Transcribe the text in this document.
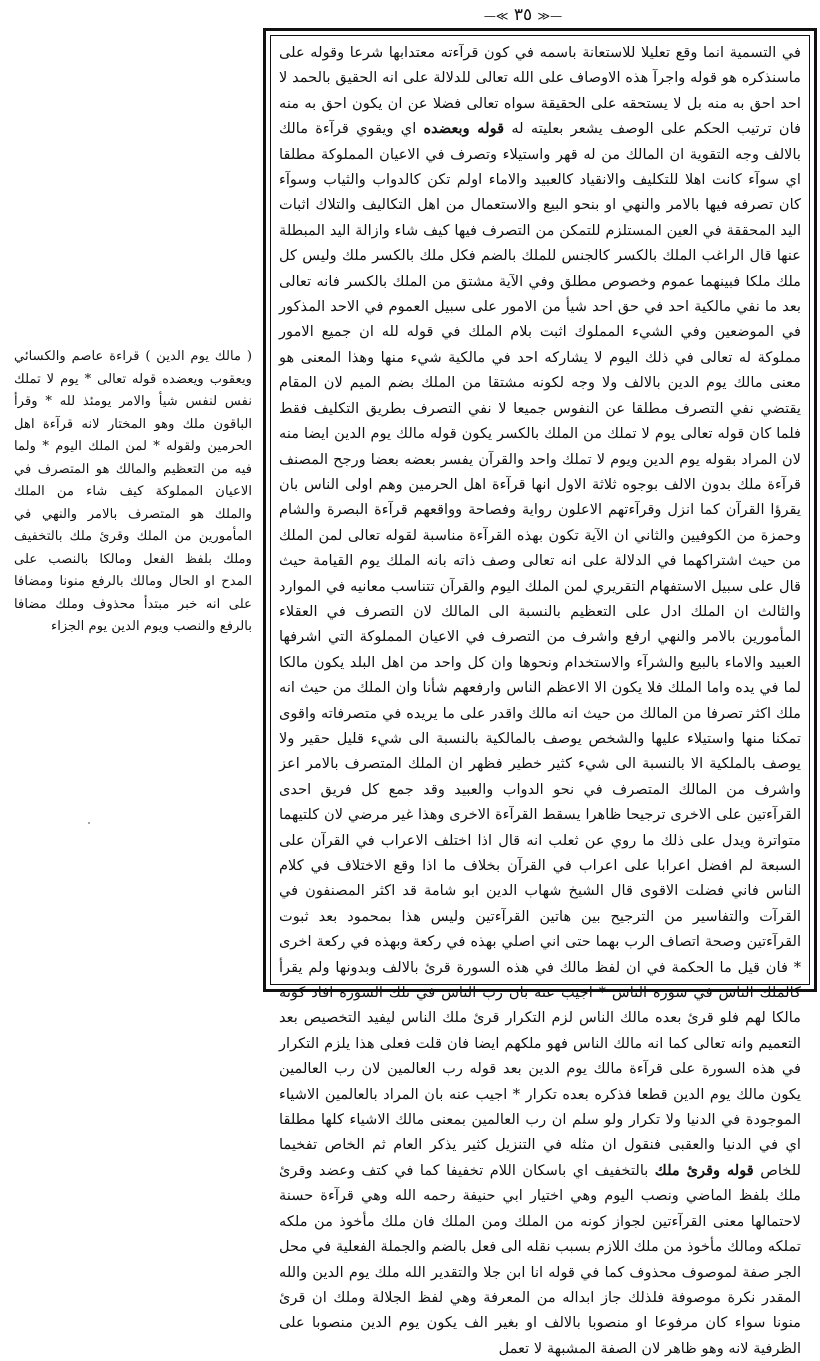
—≪ ٣٥ ≫—

في التسمية انما وقع تعليلا للاستعانة باسمه في كون قرآءته معتدابها شرعا وقوله على ماسنذكره هو قوله واجرآ هذه الاوصاف على الله تعالى للدلالة على انه الحقيق بالحمد لا احد احق به منه بل لا يستحقه على الحقيقة سواه تعالى فضلا عن ان يكون احق به منه فان ترتيب الحكم على الوصف يشعر بعليته له قوله وبعضده اي ويقوي قرآءة مالك بالالف وجه التقوية ان المالك من له قهر واستيلاء وتصرف في الاعيان المملوكة مطلقا اي سوآء كانت اهلا للتكليف والانقياد كالعبيد والاماء اولم تكن كالدواب والثياب وسوآء كان تصرفه فيها بالامر والنهي او بنحو البيع والاستعمال من اهل التكاليف والتلاك اثبات اليد المحققة في العين المستلزم للتمكن من التصرف فيها كيف شاء وازالة اليد المبطلة عنها قال الراغب الملك بالكسر كالجنس للملك بالضم فكل ملك بالكسر ملك وليس كل ملك ملكا فبينهما عموم وخصوص مطلق وفي الآية مشتق من الملك بالكسر فانه تعالى بعد ما نفي مالكية احد في حق احد شيأ من الامور على سبيل العموم في الاحد المذكور في الموضعين وفي الشيء المملوك اثبت بلام الملك في قوله لله ان جميع الامور مملوكة له تعالى في ذلك اليوم لا يشاركه احد في مالكية شيء منها وهذا المعنى هو معنى مالك يوم الدين بالالف ولا وجه لكونه مشتقا من الملك بضم الميم لان المقام يقتضي نفي التصرف مطلقا عن النفوس جميعا لا نفي التصرف بطريق التكليف فقط فلما كان قوله تعالى يوم لا تملك من الملك بالكسر يكون قوله مالك يوم الدين ايضا منه لان المراد بقوله يوم الدين ويوم لا تملك واحد والقرآن يفسر بعضه بعضا ورجح المصنف قرآءة ملك بدون الالف بوجوه ثلاثة الاول انها قرآءة اهل الحرمين وهم اولى الناس بان يقرؤا القرآن كما انزل وقرآءتهم الاعلون رواية وفصاحة وواقعهم قرآءة البصرة والشام وحمزة من الكوفيين والثاني ان الآية تكون بهذه القرآءة مناسبة لقوله تعالى لمن الملك من حيث اشتراكهما في الدلالة على انه تعالى وصف ذاته بانه الملك يوم القيامة حيث قال على سبيل الاستفهام التقريري لمن الملك اليوم والقرآن تتناسب معانيه في الموارد والثالث ان الملك ادل على التعظيم بالنسبة الى المالك لان التصرف في العقلاء المأمورين بالامر والنهي ارفع واشرف من التصرف في الاعيان المملوكة التي اشرفها العبيد والاماء بالبيع والشرآء والاستخدام ونحوها وان كل واحد من اهل البلد يكون مالكا لما في يده واما الملك فلا يكون الا الاعظم الناس وارفعهم شأنا وان الملك من حيث انه ملك اكثر تصرفا من المالك من حيث انه مالك واقدر على ما يريده في متصرفاته واقوى تمكنا منها واستيلاء عليها والشخص يوصف بالمالكية بالنسبة الى شيء قليل حقير ولا يوصف بالملكية الا بالنسبة الى شيء كثير خطير فظهر ان الملك المتصرف بالامر اعز واشرف من المالك المتصرف في نحو الدواب والعبيد وقد جمع كل فريق احدى القرآءتين على الاخرى ترجيحا ظاهرا يسقط القرآءة الاخرى وهذا غير مرضي لان كلتيهما متواترة ويدل على ذلك ما روي عن ثعلب انه قال اذا اختلف الاعراب في القرآن على السبعة لم افضل اعرابا على اعراب في القرآن بخلاف ما اذا وقع الاختلاف في كلام الناس فاني فضلت الاقوى قال الشيخ شهاب الدين ابو شامة قد اكثر المصنفون في القرآت والتفاسير من الترجيح بين هاتين القرآءتين وليس هذا بمحمود بعد ثبوت القرآءتين وصحة اتصاف الرب بهما حتى اني اصلي بهذه في ركعة وبهذه في ركعة اخرى * فان قيل ما الحكمة في ان لفظ مالك في هذه السورة قرئ بالالف وبدونها ولم يقرأ كالملك الناس في سورة الناس * اجيب عنه بان رب الناس في تلك السورة افاد كونه مالكا لهم فلو قرئ بعده مالك الناس لزم التكرار قرئ ملك الناس ليفيد التخصيص بعد التعميم وانه تعالى كما انه مالك الناس فهو ملكهم ايضا فان قلت فعلى هذا يلزم التكرار في هذه السورة على قرآءة مالك يوم الدين بعد قوله رب العالمين لان رب العالمين يكون مالك يوم الدين قطعا فذكره بعده تكرار * اجيب عنه بان المراد بالعالمين الاشياء الموجودة في الدنيا ولا تكرار ولو سلم ان رب العالمين بمعنى مالك الاشياء كلها مطلقا اي في الدنيا والعقبى فنقول ان مثله في التنزيل كثير يذكر العام ثم الخاص تفخيما للخاص قوله وقرئ ملك بالتخفيف اي باسكان اللام تخفيفا كما في كتف وعضد وقرئ ملك بلفظ الماضي ونصب اليوم وهي اختيار ابي حنيفة رحمه الله وهي قرآءة حسنة لاحتمالها معنى القرآءتين لجواز كونه من الملك ومن الملك فان ملك مأخوذ من ملكه تملكه ومالك مأخوذ من ملك اللازم بسبب نقله الى فعل بالضم والجملة الفعلية في محل الجر صفة لموصوف محذوف كما في قوله انا ابن جلا والتقدير الله ملك يوم الدين والله المقدر نكرة موصوفة فلذلك جاز ابداله من المعرفة وهي لفظ الجلالة وملك ان قرئ منونا سواء كان مرفوعا او منصوبا بالالف او بغير الف يكون يوم الدين منصوبا على الظرفية لانه وهو ظاهر لان الصفة المشبهة لا تعمل

( مالك يوم الدين ) قراءة عاصم والكسائي ويعقوب ويعضده قوله تعالى * يوم لا تملك نفس لنفس شيأ والامر يومئذ لله * وقرأ الباقون ملك وهو المختار لانه قرآءة اهل الحرمين ولقوله * لمن الملك اليوم * ولما فيه من التعظيم والمالك هو المتصرف في الاعيان المملوكة كيف شاء من الملك والملك هو المتصرف بالامر والنهي في المأمورين من الملك وقرئ ملك بالتخفيف وملك بلفظ الفعل ومالكا بالنصب على المدح او الحال ومالك بالرفع منونا ومضافا على انه خبر مبتدأ محذوف وملك مضافا بالرفع والنصب ويوم الدين يوم الجزاء
